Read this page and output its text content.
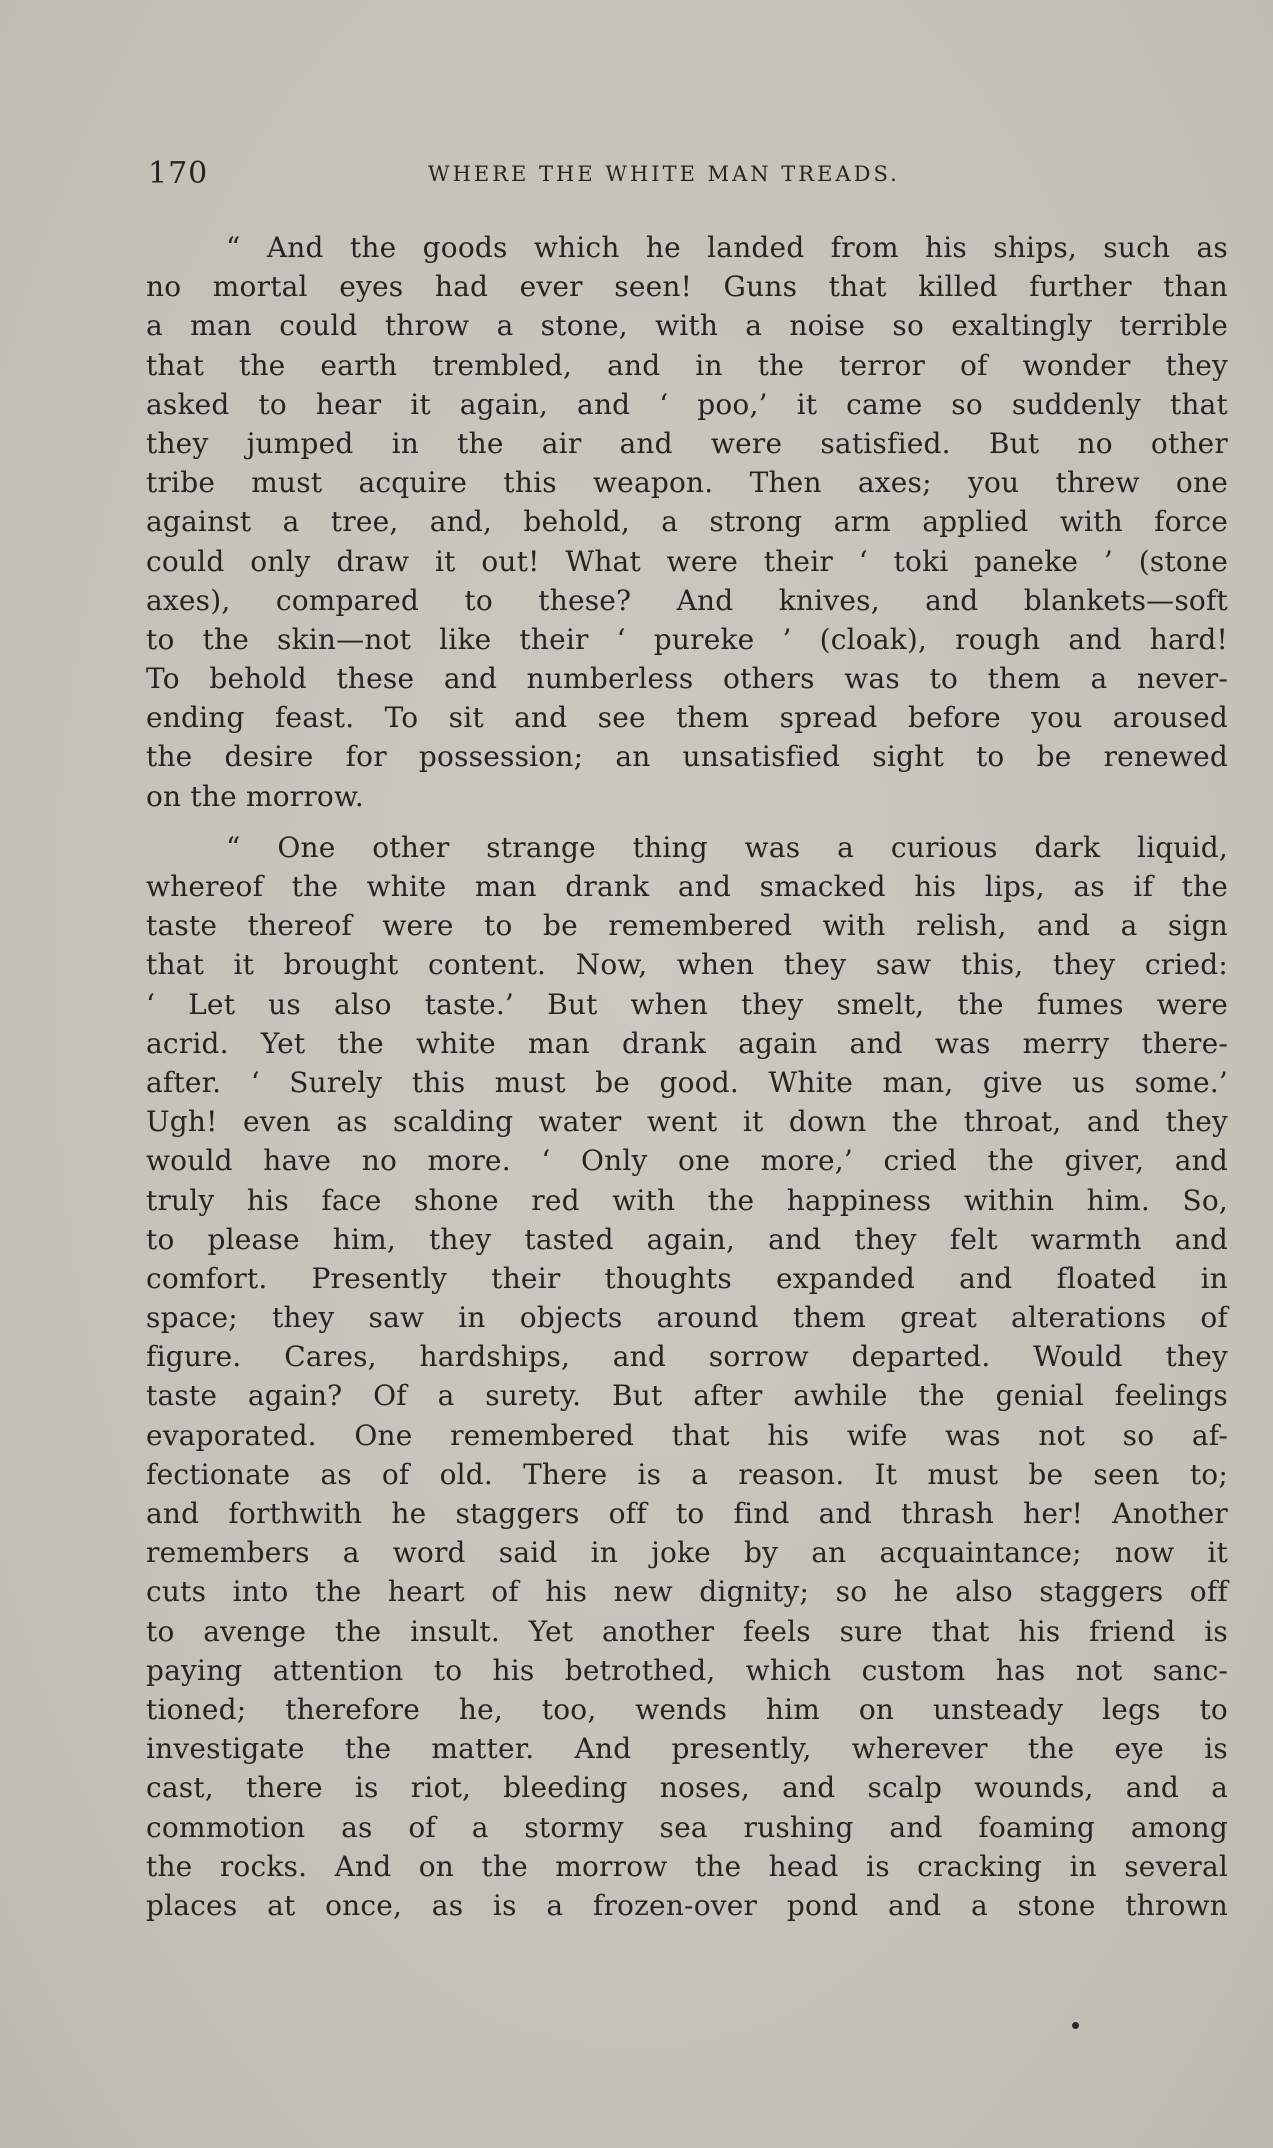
170	WHERE THE WHITE MAN TREADS.
“ And the goods which he landed from his ships, such as
no mortal eyes had ever seen! Guns that killed further than
a man could throw a stone, with a noise so exaltingly terrible
that the earth trembled, and in the terror of wonder they
asked to hear it again, and ‘ poo,’ it came so suddenly that
they jumped in the air and were satisfied. But no other
tribe must acquire this weapon. Then axes; you threw one
against a tree, and, behold, a strong arm applied with force
could only draw it out! What were their ‘ toki paneke ’ (stone
axes), compared to these? And knives, and blankets—soft
to the skin—not like their ‘ pureke ’ (cloak), rough and hard!
To behold these and numberless others was to them a never-
ending feast. To sit and see them spread before you aroused
the desire for possession; an unsatisfied sight to be renewed
on the morrow.
“ One other strange thing was a curious dark liquid,
whereof the white man drank and smacked his lips, as if the
taste thereof were to be remembered with relish, and a sign
that it brought content. Now, when they saw this, they cried:
‘ Let us also taste.’ But when they smelt, the fumes were
acrid. Yet the white man drank again and was merry there-
after. ‘ Surely this must be good. White man, give us some.’
Ugh! even as scalding water went it down the throat, and they
would have no more. ‘ Only one more,’ cried the giver, and
truly his face shone red with the happiness within him. So,
to please him, they tasted again, and they felt warmth and
comfort. Presently their thoughts expanded and floated in
space; they saw in objects around them great alterations of
figure. Cares, hardships, and sorrow departed. Would they
taste again? Of a surety. But after awhile the genial feelings
evaporated. One remembered that his wife was not so af-
fectionate as of old. There is a reason. It must be seen to;
and forthwith he staggers off to find and thrash her! Another
remembers a word said in joke by an acquaintance; now it
cuts into the heart of his new dignity; so he also staggers off
to avenge the insult. Yet another feels sure that his friend is
paying attention to his betrothed, which custom has not sanc-
tioned; therefore he, too, wends him on unsteady legs to
investigate the matter. And presently, wherever the eye is
cast, there is riot, bleeding noses, and scalp wounds, and a
commotion as of a stormy sea rushing and foaming among
the rocks. And on the morrow the head is cracking in several
places at once, as is a frozen-over pond and a stone thrown
